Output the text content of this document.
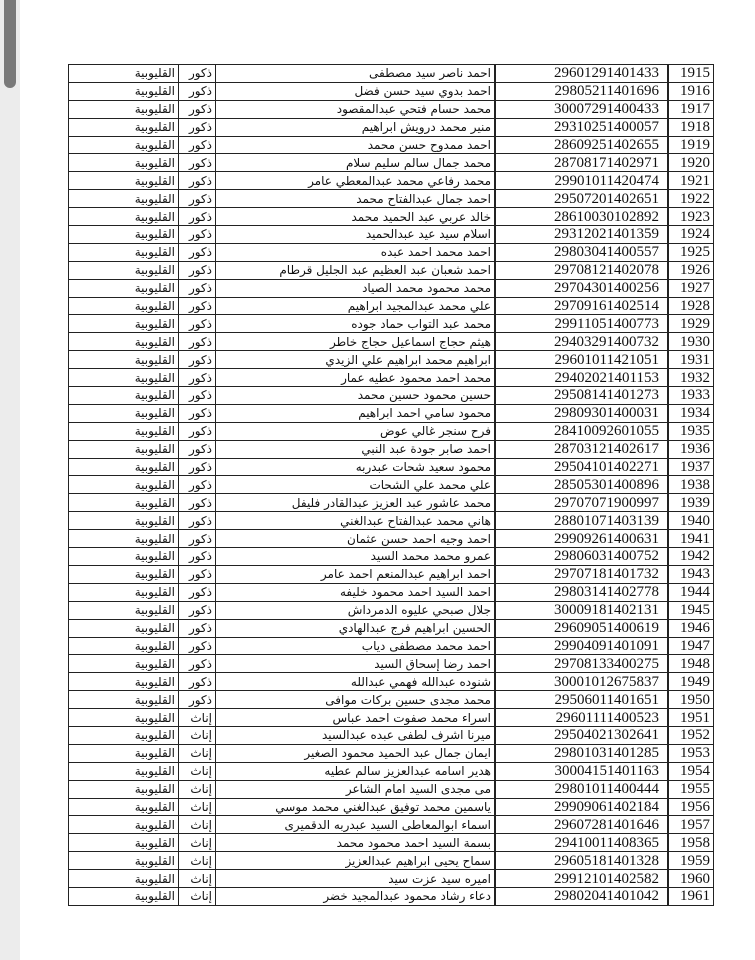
القليوبية	ذكور	احمد ناصر سيد مصطفى	29601291401433	1915
القليوبية	ذكور	احمد بدوي سيد حسن فضل	29805211401696	1916
القليوبية	ذكور	محمد حسام فتحي عبدالمقصود	30007291400433	1917
القليوبية	ذكور	منير محمد درويش ابراهيم	29310251400057	1918
القليوبية	ذكور	احمد ممدوح حسن محمد	28609251402655	1919
القليوبية	ذكور	محمد جمال سالم سليم سلام	28708171402971	1920
القليوبية	ذكور	محمد رفاعي محمد عبدالمعطي عامر	29901011420474	1921
القليوبية	ذكور	احمد جمال عبدالفتاح محمد	29507201402651	1922
القليوبية	ذكور	خالد عربي عبد الحميد محمد	28610030102892	1923
القليوبية	ذكور	اسلام سيد عيد عبدالحميد	29312021401359	1924
القليوبية	ذكور	احمد محمد احمد عبده	29803041400557	1925
القليوبية	ذكور	احمد شعبان عبد العظيم عبد الجليل قرطام	29708121402078	1926
القليوبية	ذكور	محمد محمود محمد الصياد	29704301400256	1927
القليوبية	ذكور	علي محمد عبدالمجيد ابراهيم	29709161402514	1928
القليوبية	ذكور	محمد عبد التواب حماد جوده	29911051400773	1929
القليوبية	ذكور	هيثم حجاج اسماعيل حجاج خاطر	29403291400732	1930
القليوبية	ذكور	ابراهيم محمد ابراهيم علي الزيدي	29601011421051	1931
القليوبية	ذكور	محمد احمد محمود عطيه عمار	29402021401153	1932
القليوبية	ذكور	حسين محمود حسين محمد	29508141401273	1933
القليوبية	ذكور	محمود سامي احمد ابراهيم	29809301400031	1934
القليوبية	ذكور	فرح سنجر غالي عوض	28410092601055	1935
القليوبية	ذكور	احمد صابر جودة عبد النبي	28703121402617	1936
القليوبية	ذكور	محمود سعيد شحات عبدربه	29504101402271	1937
القليوبية	ذكور	علي محمد علي الشحات	28505301400896	1938
القليوبية	ذكور	محمد عاشور عبد العزيز عبدالقادر فليفل	29707071900997	1939
القليوبية	ذكور	هاني محمد عبدالفتاح عبدالغني	28801071403139	1940
القليوبية	ذكور	احمد وجيه احمد حسن عثمان	29909261400631	1941
القليوبية	ذكور	عمرو محمد محمد السيد	29806031400752	1942
القليوبية	ذكور	احمد ابراهيم عبدالمنعم احمد عامر	29707181401732	1943
القليوبية	ذكور	احمد السيد احمد محمود خليفه	29803141402778	1944
القليوبية	ذكور	جلال صبحي عليوه الدمرداش	30009181402131	1945
القليوبية	ذكور	الحسين ابراهيم فرج عبدالهادي	29609051400619	1946
القليوبية	ذكور	احمد محمد مصطفى دياب	29904091401091	1947
القليوبية	ذكور	احمد رضا إسحاق السيد	29708133400275	1948
القليوبية	ذكور	شنوده عبدالله فهمي عبدالله	30001012675837	1949
القليوبية	ذكور	محمد مجدى حسين بركات موافى	29506011401651	1950
القليوبية	إناث	اسراء محمد صفوت احمد عباس	29601111400523	1951
القليوبية	إناث	ميرنا اشرف لطفى عبده عبدالسيد	29504021302641	1952
القليوبية	إناث	ايمان جمال عبد الحميد محمود الصغير	29801031401285	1953
القليوبية	إناث	هدير اسامه عبدالعزيز سالم عطيه	30004151401163	1954
القليوبية	إناث	مى مجدى السيد امام الشاعر	29801011400444	1955
القليوبية	إناث	ياسمين محمد توفيق عبدالغني محمد موسي	29909061402184	1956
القليوبية	إناث	اسماء ابوالمعاطى السيد عبدربه الدقميرى	29607281401646	1957
القليوبية	إناث	بسمة السيد احمد محمود محمد	29410011408365	1958
القليوبية	إناث	سماح يحيى ابراهيم عبدالعزيز	29605181401328	1959
القليوبية	إناث	اميره سيد عزت سيد	29912101402582	1960
القليوبية	إناث	دعاء رشاد محمود عبدالمجيد خضر	29802041401042	1961
